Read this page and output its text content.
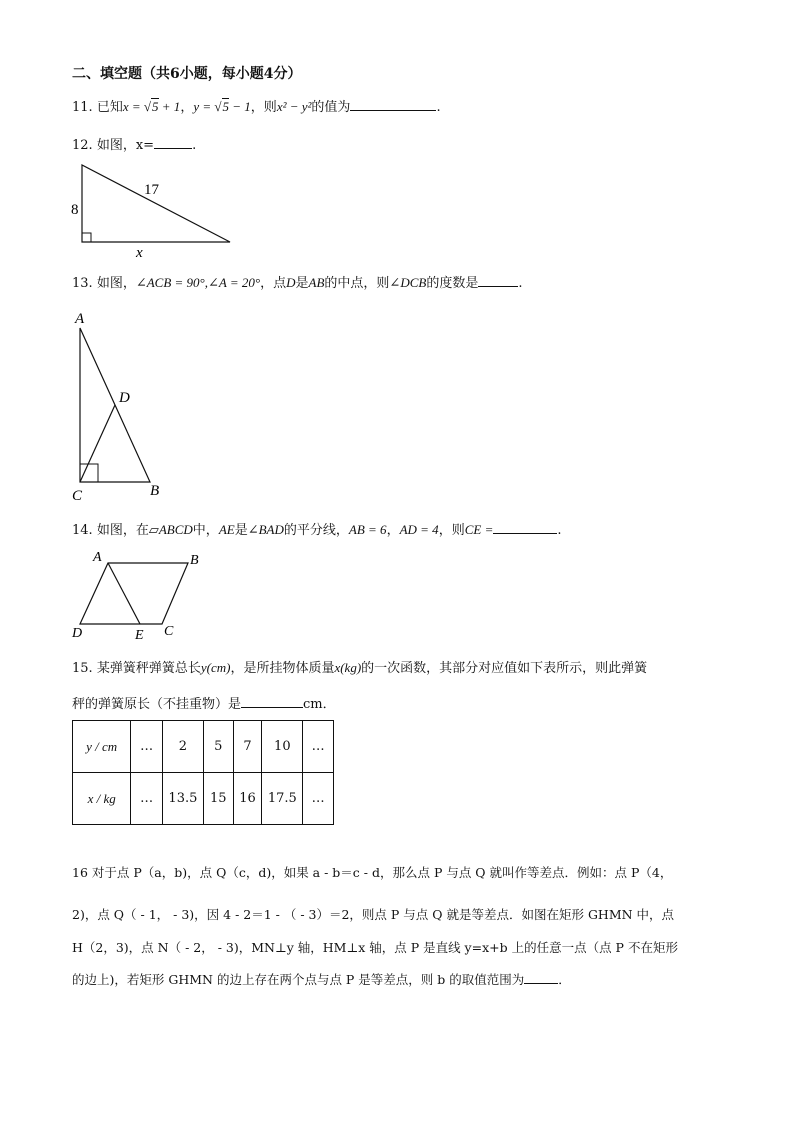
二、填空题（共6小题，每小题4分）
11. 已知x = √5 + 1，y = √5 − 1，则x² − y²的值为	.
12. 如图，x=	.
8
17
x
13. 如图，∠ACB = 90°,∠A = 20°，点D是AB的中点，则∠DCB的度数是	.
A
D
C	B
14. 如图，在▱ABCD中，AE是∠BAD的平分线，AB = 6，AD = 4，则CE =	.
A	B
D	E C
15. 某弹簧秤弹簧总长y(cm)，是所挂物体质量x(kg)的一次函数，其部分对应值如下表所示，则此弹簧
秤的弹簧原长（不挂重物）是	cm．
y / cm	…	2	5	7	10	…
x / kg	…	13.5	15	16	17.5	…
16 对于点 P（a，b)，点 Q（c，d)，如果 a - b＝c - d，那么点 P 与点 Q 就叫作等差点．例如：点 P（4，
2)，点 Q（ - 1， - 3)，因 4 - 2＝1 - （ - 3）＝2，则点 P 与点 Q 就是等差点．如图在矩形 GHMN 中，点
H（2，3)，点 N（ - 2， - 3)，MN⊥y 轴，HM⊥x 轴，点 P 是直线 y=x+b 上的任意一点（点 P 不在矩形
的边上)，若矩形 GHMN 的边上存在两个点与点 P 是等差点，则 b 的取值范围为	．
